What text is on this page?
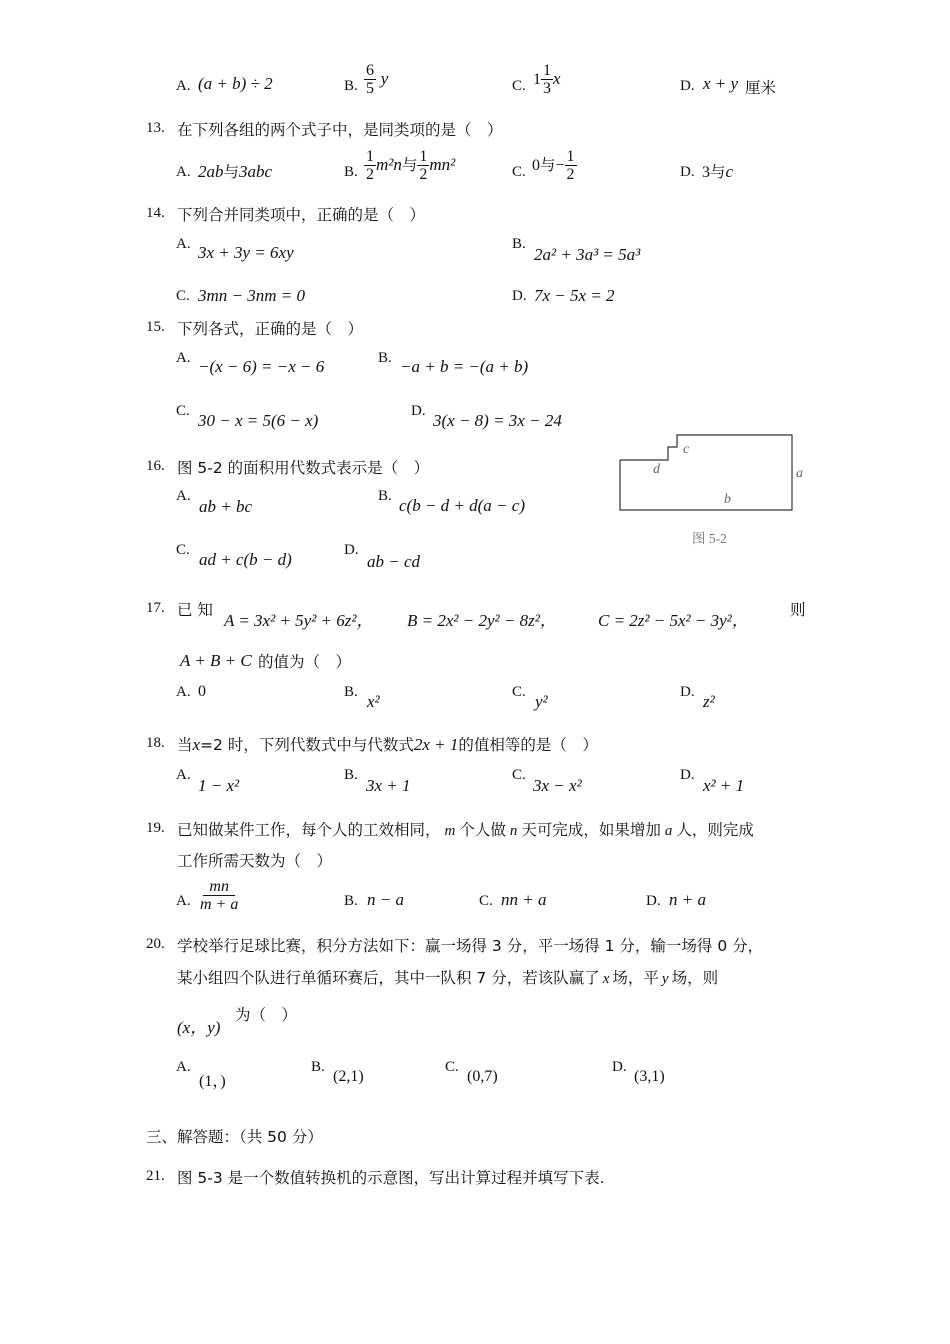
A. (a + b) ÷ 2	B. $\frac{6}{5}$ y	C. $1 \frac{1}{3}$ x	D. x + y 厘米
13. 在下列各组的两个式子中，是同类项的是（　）
A. 2ab与3abc	B. $\frac{1}{2} m^2n$与 $\frac{1}{2} mn^2$	C. 0与− $\frac{1}{2}$	D. 3与c
14. 下列合并同类项中，正确的是（　）
A. 3x + 3y = 6xy	B.
2a² + 3a³ = 5a³
C. 3mn − 3nm = 0	D. 7x − 5x = 2
15. 下列各式，正确的是（　）
A. −(x − 6) = −x − 6	B. −a + b = −(a + b)
C. 30 − x = 5(6 − x)	D. 3(x − 8) = 3x − 24
16. 图 5-2 的面积用代数式表示是（　）
A.
ab + bc
B. c(b − d + d(a − c)
C. ad + c(b − d)	D.
ab − cd
d
c
a
b
图 5-2
17. 已 知
A = 3x² + 5y² + 6z²， B = 2x² − 2y² − 8z²， C = 2z² − 5x² − 3y²，
则
A + B + C 的值为（　）
A. 0	B. x²	C. y²	D. z²
18. 当x=2 时，下列代数式中与代数式2x + 1的值相等的是（　）
A.
1 − x²
B.
3x + 1
C.
3x − x²
D.
x² + 1
19. 已知做某件工作，每个人的工效相同， m 个人做 n 天可完成，如果增加 a 人，则完成
工作所需天数为（　）
A. $\frac{mn}{m + a}$	B. n − a	C. nn + a	D. n + a
20. 学校举行足球比赛，积分方法如下：赢一场得 3 分，平一场得 1 分，输一场得 0 分，
某小组四个队进行单循环赛后，其中一队积 7 分，若该队赢了 x 场，平 y 场，则
(x，y)
为（　）
A.
(1，)
B.
(2,1)
C.
(0,7)
D.
(3,1)
三、解答题：（共 50 分）
21. 图 5-3 是一个数值转换机的示意图，写出计算过程并填写下表.
